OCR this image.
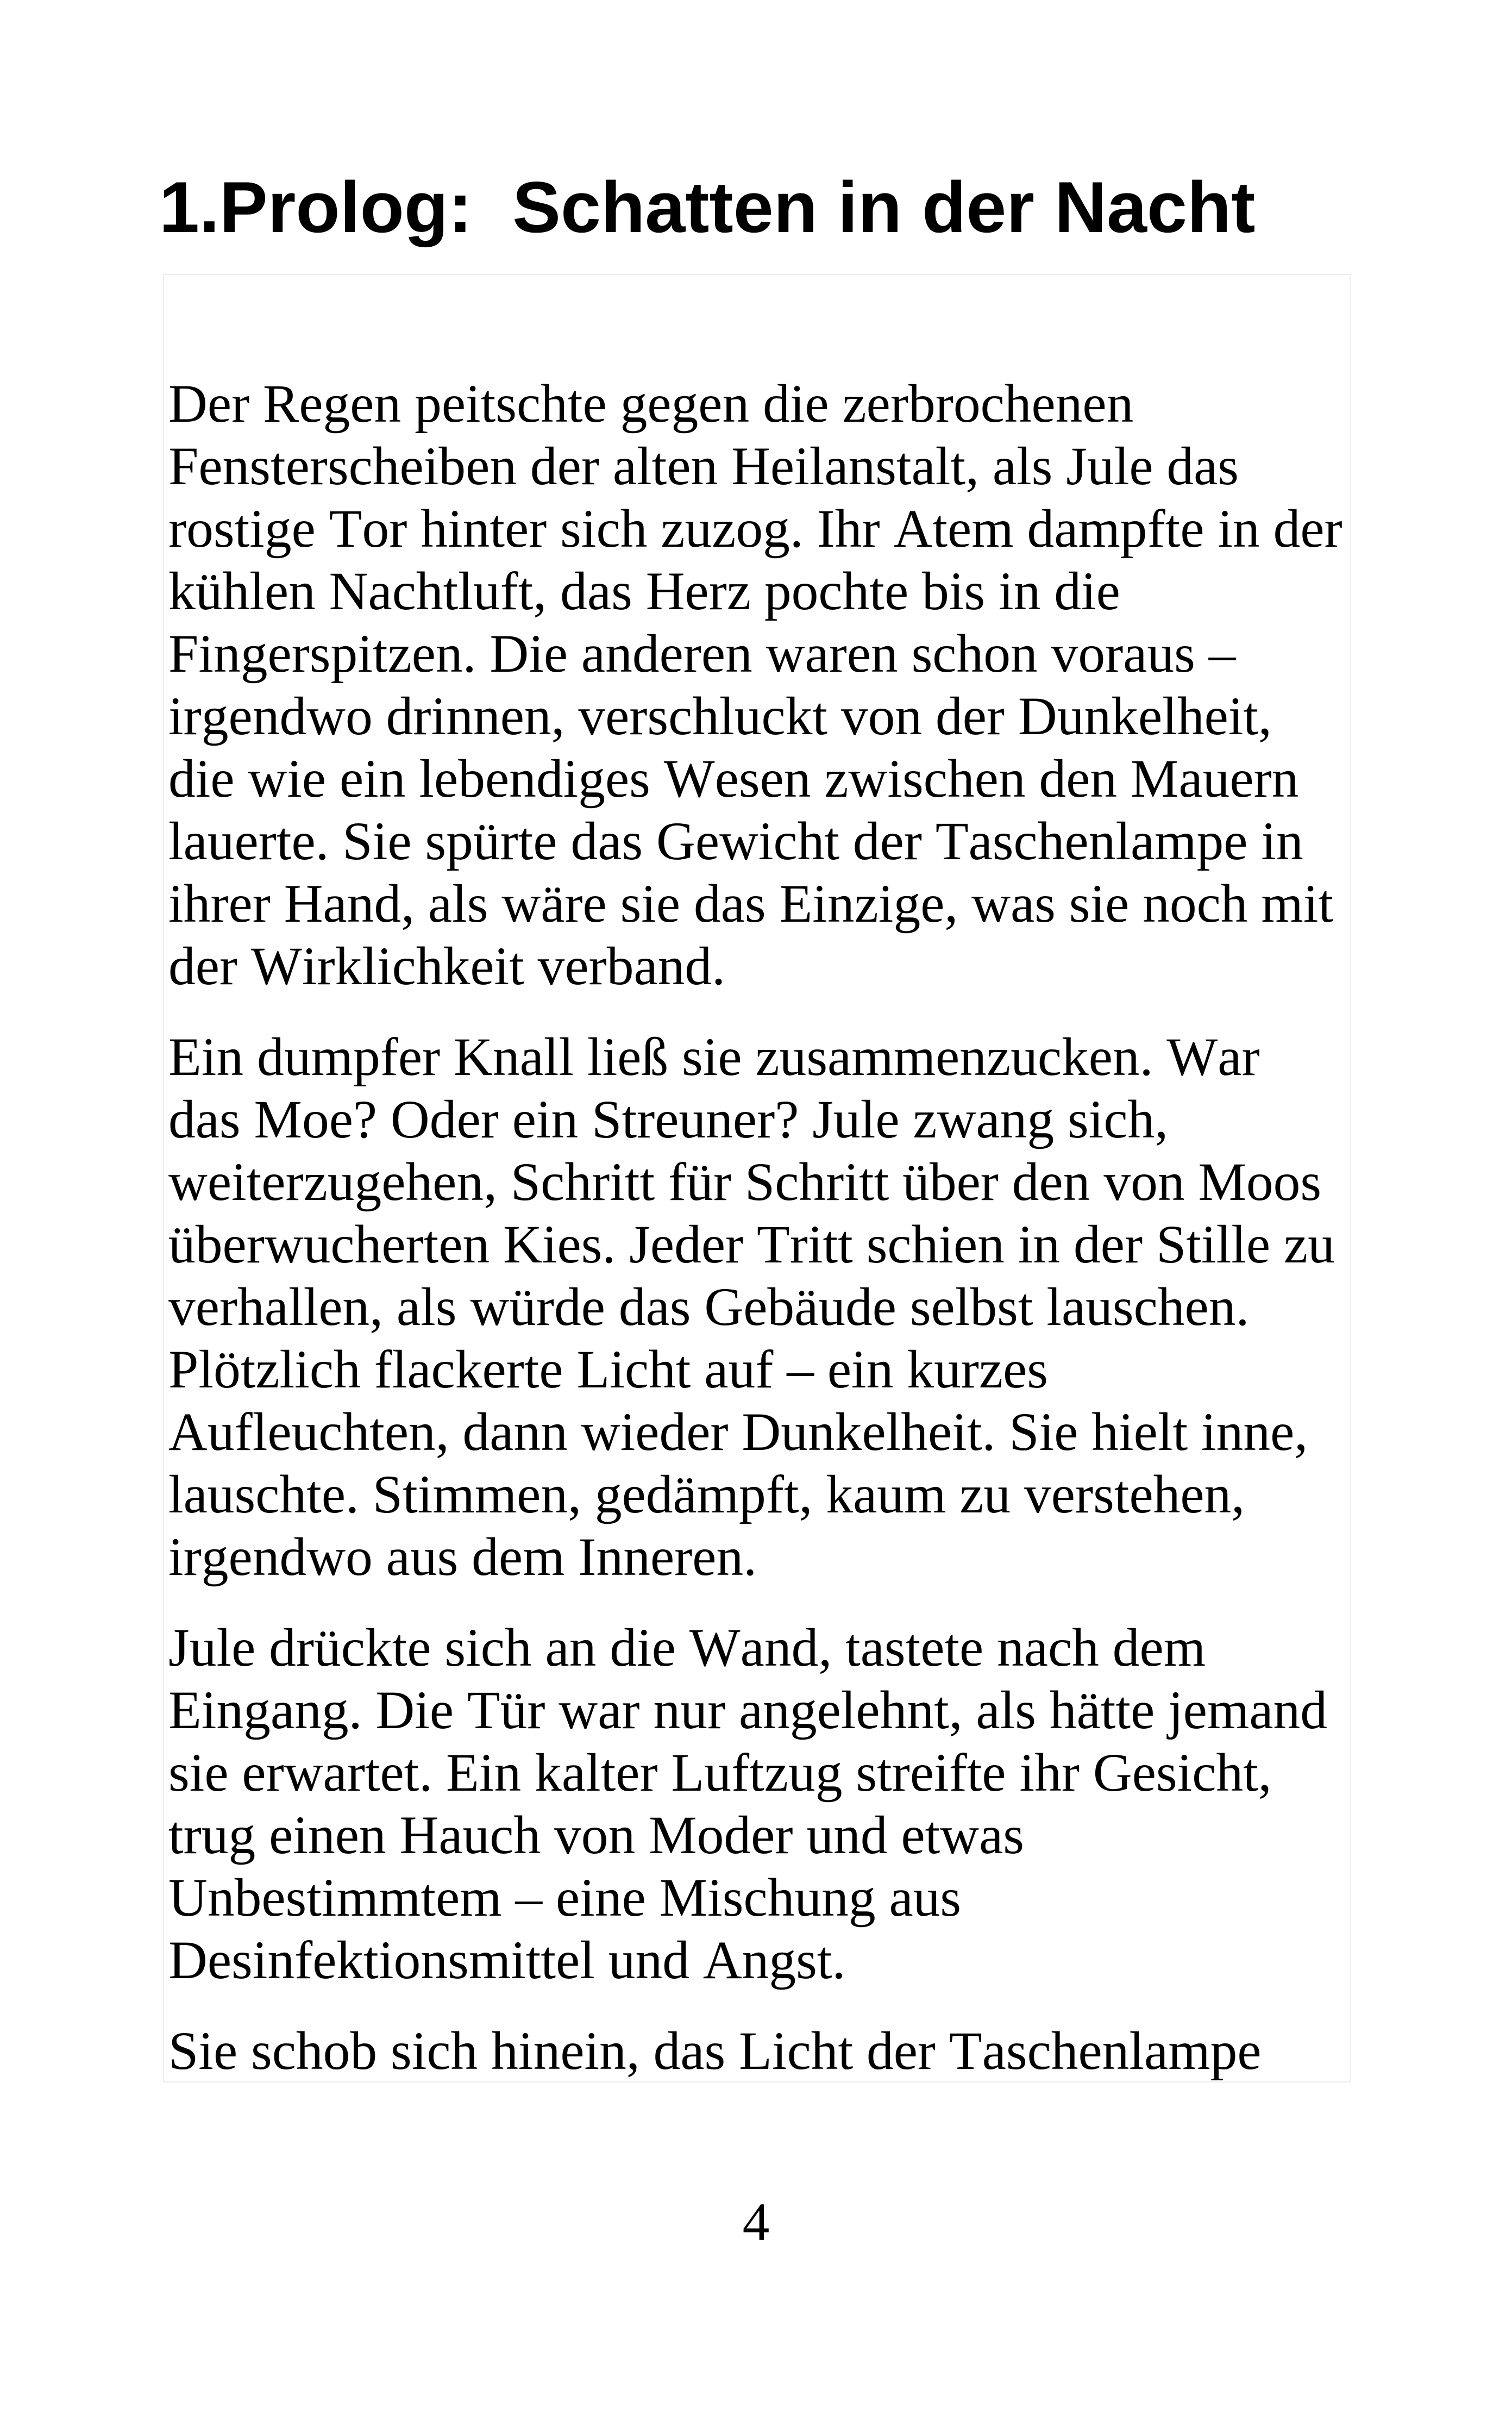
1.Prolog:  Schatten in der Nacht

Der Regen peitschte gegen die zerbrochenen
Fensterscheiben der alten Heilanstalt, als Jule das
rostige Tor hinter sich zuzog. Ihr Atem dampfte in der
kühlen Nachtluft, das Herz pochte bis in die
Fingerspitzen. Die anderen waren schon voraus –
irgendwo drinnen, verschluckt von der Dunkelheit,
die wie ein lebendiges Wesen zwischen den Mauern
lauerte. Sie spürte das Gewicht der Taschenlampe in
ihrer Hand, als wäre sie das Einzige, was sie noch mit
der Wirklichkeit verband.

Ein dumpfer Knall ließ sie zusammenzucken. War
das Moe? Oder ein Streuner? Jule zwang sich,
weiterzugehen, Schritt für Schritt über den von Moos
überwucherten Kies. Jeder Tritt schien in der Stille zu
verhallen, als würde das Gebäude selbst lauschen.
Plötzlich flackerte Licht auf – ein kurzes
Aufleuchten, dann wieder Dunkelheit. Sie hielt inne,
lauschte. Stimmen, gedämpft, kaum zu verstehen,
irgendwo aus dem Inneren.

Jule drückte sich an die Wand, tastete nach dem
Eingang. Die Tür war nur angelehnt, als hätte jemand
sie erwartet. Ein kalter Luftzug streifte ihr Gesicht,
trug einen Hauch von Moder und etwas
Unbestimmtem – eine Mischung aus
Desinfektionsmittel und Angst.

Sie schob sich hinein, das Licht der Taschenlampe

4
